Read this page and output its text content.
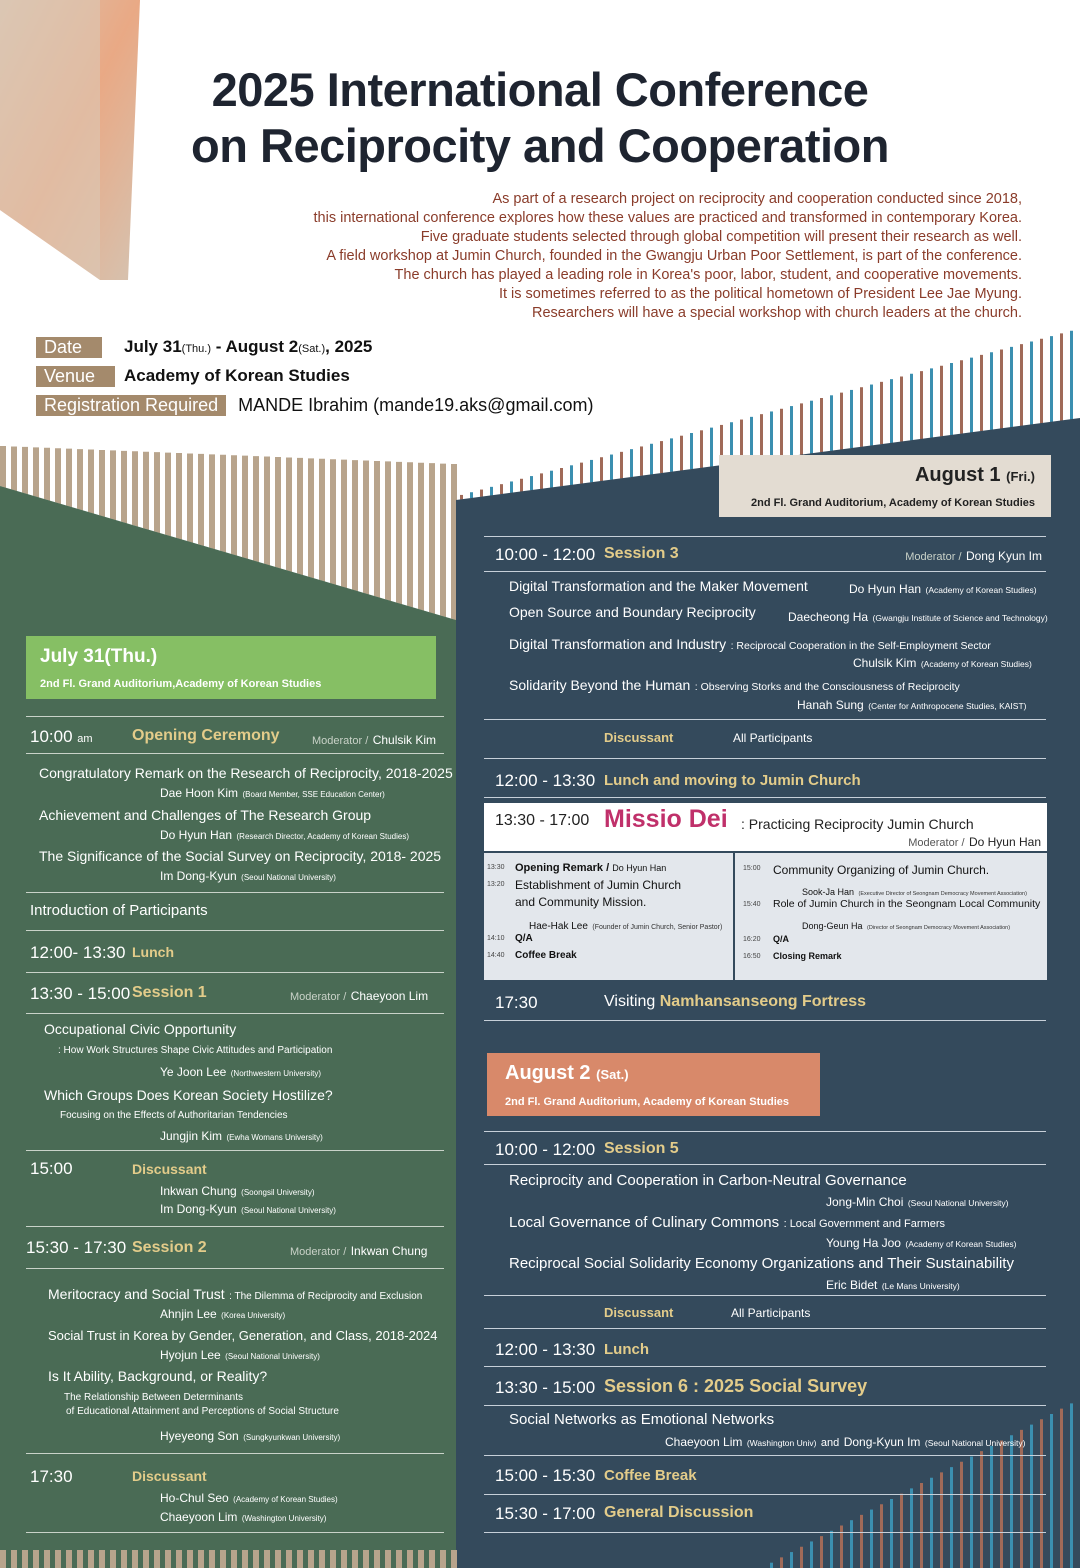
2025 International Conference
on Reciprocity and Cooperation
As part of a research project on reciprocity and cooperation conducted since 2018,
this international conference explores how these values are practiced and transformed in contemporary Korea.
Five graduate students selected through global competition will present their research as well.
A field workshop at Jumin Church, founded in the Gwangju Urban Poor Settlement, is part of the conference.
The church has played a leading role in Korea's poor, labor, student, and cooperative movements.
It is sometimes referred to as the political hometown of President Lee Jae Myung.
Researchers will have a special workshop with church leaders at the church.
Date	July 31(Thu.) - August 2(Sat.), 2025
Venue	Academy of Korean Studies
Registration Required	MANDE Ibrahim (mande19.aks@gmail.com)
July 31(Thu.)
2nd Fl. Grand Auditorium,Academy of Korean Studies
10:00 am Opening Ceremony	Moderator / Chulsik Kim
Congratulatory Remark on the Research of Reciprocity, 2018-2025
Dae Hoon Kim (Board Member, SSE Education Center)
Achievement and Challenges of The Research Group
Do Hyun Han (Research Director, Academy of Korean Studies)
The Significance of the Social Survey on Reciprocity, 2018- 2025
Im Dong-Kyun (Seoul National University)
Introduction of Participants
12:00- 13:30 Lunch
13:30 - 15:00 Session 1	Moderator / Chaeyoon Lim
Occupational Civic Opportunity
: How Work Structures Shape Civic Attitudes and Participation
Ye Joon Lee (Northwestern University)
Which Groups Does Korean Society Hostilize?
Focusing on the Effects of Authoritarian Tendencies
Jungjin Kim (Ewha Womans University)
15:00	Discussant
Inkwan Chung (Soongsil University)
Im Dong-Kyun (Seoul National University)
15:30 - 17:30 Session 2	Moderator / Inkwan Chung
Meritocracy and Social Trust : The Dilemma of Reciprocity and Exclusion
Ahnjin Lee (Korea University)
Social Trust in Korea by Gender, Generation, and Class, 2018-2024
Hyojun Lee (Seoul National University)
Is It Ability, Background, or Reality?
The Relationship Between Determinants
of Educational Attainment and Perceptions of Social Structure
Hyeyeong Son (Sungkyunkwan University)
17:30	Discussant
Ho-Chul Seo (Academy of Korean Studies)
Chaeyoon Lim (Washington University)
August 1 (Fri.)
2nd Fl. Grand Auditorium, Academy of Korean Studies
10:00 - 12:00 Session 3	Moderator / Dong Kyun Im
Digital Transformation and the Maker Movement	Do Hyun Han (Academy of Korean Studies)
Open Source and Boundary Reciprocity	Daecheong Ha (Gwangju Institute of Science and Technology)
Digital Transformation and Industry : Reciprocal Cooperation in the Self-Employment Sector
Chulsik Kim (Academy of Korean Studies)
Solidarity Beyond the Human : Observing Storks and the Consciousness of Reciprocity
Hanah Sung (Center for Anthropocene Studies, KAIST)
Discussant	All Participants
12:00 - 13:30 Lunch and moving to Jumin Church
13:30 - 17:00 Missio Dei : Practicing Reciprocity Jumin Church
Moderator / Do Hyun Han
13:30 Opening Remark / Do Hyun Han
13:20 Establishment of Jumin Church
and Community Mission.
Hae-Hak Lee (Founder of Jumin Church, Senior Pastor)
14:10 Q/A
14:40 Coffee Break
15:00 Community Organizing of Jumin Church.
Sook-Ja Han (Executive Director of Seongnam Democracy Movement Association)
15:40 Role of Jumin Church in the Seongnam Local Community
Dong-Geun Ha (Director of Seongnam Democracy Movement Association)
16:20 Q/A
16:50 Closing Remark
17:30	Visiting Namhansanseong Fortress
August 2 (Sat.)
2nd Fl. Grand Auditorium, Academy of Korean Studies
10:00 - 12:00 Session 5
Reciprocity and Cooperation in Carbon-Neutral Governance
Jong-Min Choi (Seoul National University)
Local Governance of Culinary Commons : Local Government and Farmers
Young Ha Joo (Academy of Korean Studies)
Reciprocal Social Solidarity Economy Organizations and Their Sustainability
Eric Bidet (Le Mans University)
Discussant	All Participants
12:00 - 13:30 Lunch
13:30 - 15:00 Session 6 : 2025 Social Survey
Social Networks as Emotional Networks
Chaeyoon Lim (Washington Univ) and Dong-Kyun Im (Seoul National University)
15:00 - 15:30 Coffee Break
15:30 - 17:00 General Discussion
